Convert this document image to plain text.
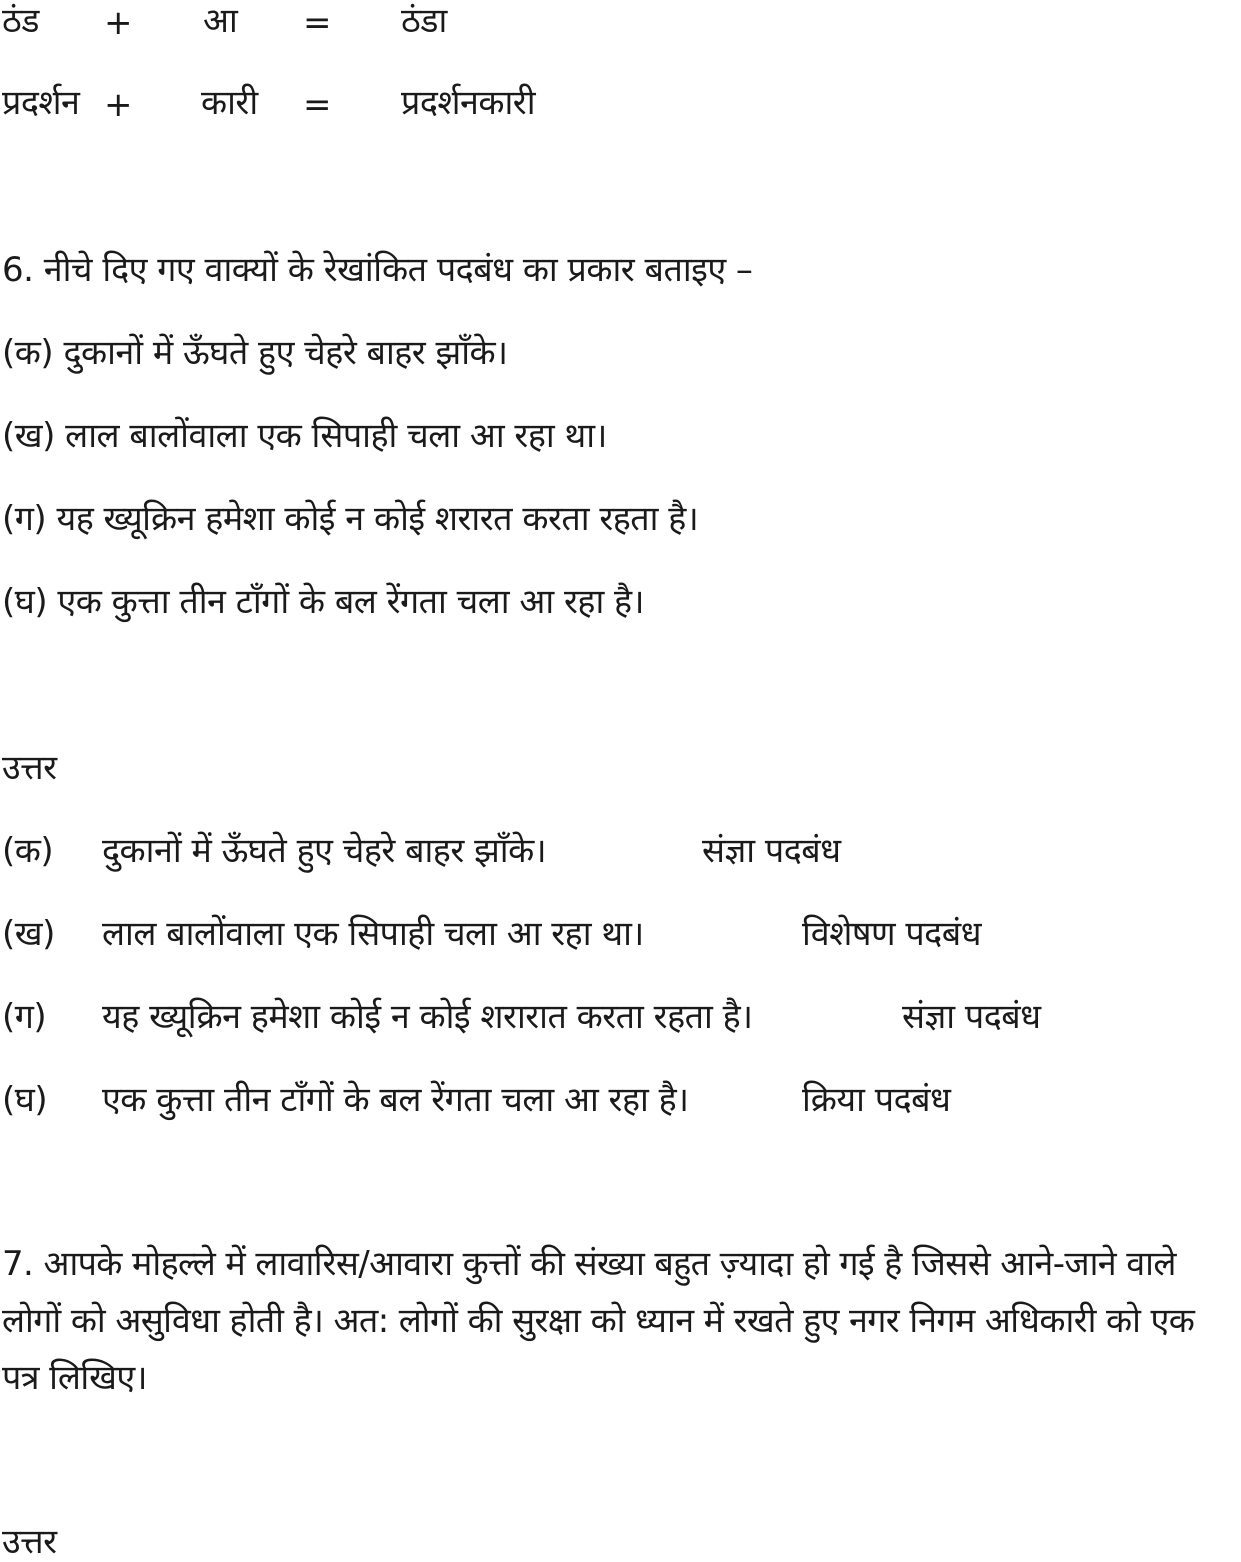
ठंड + आ = ठंडा
प्रदर्शन + कारी = प्रदर्शनकारी
6. नीचे दिए गए वाक्यों के रेखांकित पदबंध का प्रकार बताइए –
(क) दुकानों में ऊँघते हुए चेहरे बाहर झाँके।
(ख) लाल बालोंवाला एक सिपाही चला आ रहा था।
(ग) यह ख्यूक्रिन हमेशा कोई न कोई शरारत करता रहता है।
(घ) एक कुत्ता तीन टाँगों के बल रेंगता चला आ रहा है।
उत्तर
(क) दुकानों में ऊँघते हुए चेहरे बाहर झाँके।	संज्ञा पदबंध
(ख) लाल बालोंवाला एक सिपाही चला आ रहा था।	विशेषण पदबंध
(ग) यह ख्यूक्रिन हमेशा कोई न कोई शरारात करता रहता है।	संज्ञा पदबंध
(घ) एक कुत्ता तीन टाँगों के बल रेंगता चला आ रहा है।	क्रिया पदबंध
7. आपके मोहल्ले में लावारिस/आवारा कुत्तों की संख्या बहुत ज़्यादा हो गई है जिससे आने-जाने वाले लोगों को असुविधा होती है। अत: लोगों की सुरक्षा को ध्यान में रखते हुए नगर निगम अधिकारी को एक पत्र लिखिए।
उत्तर
